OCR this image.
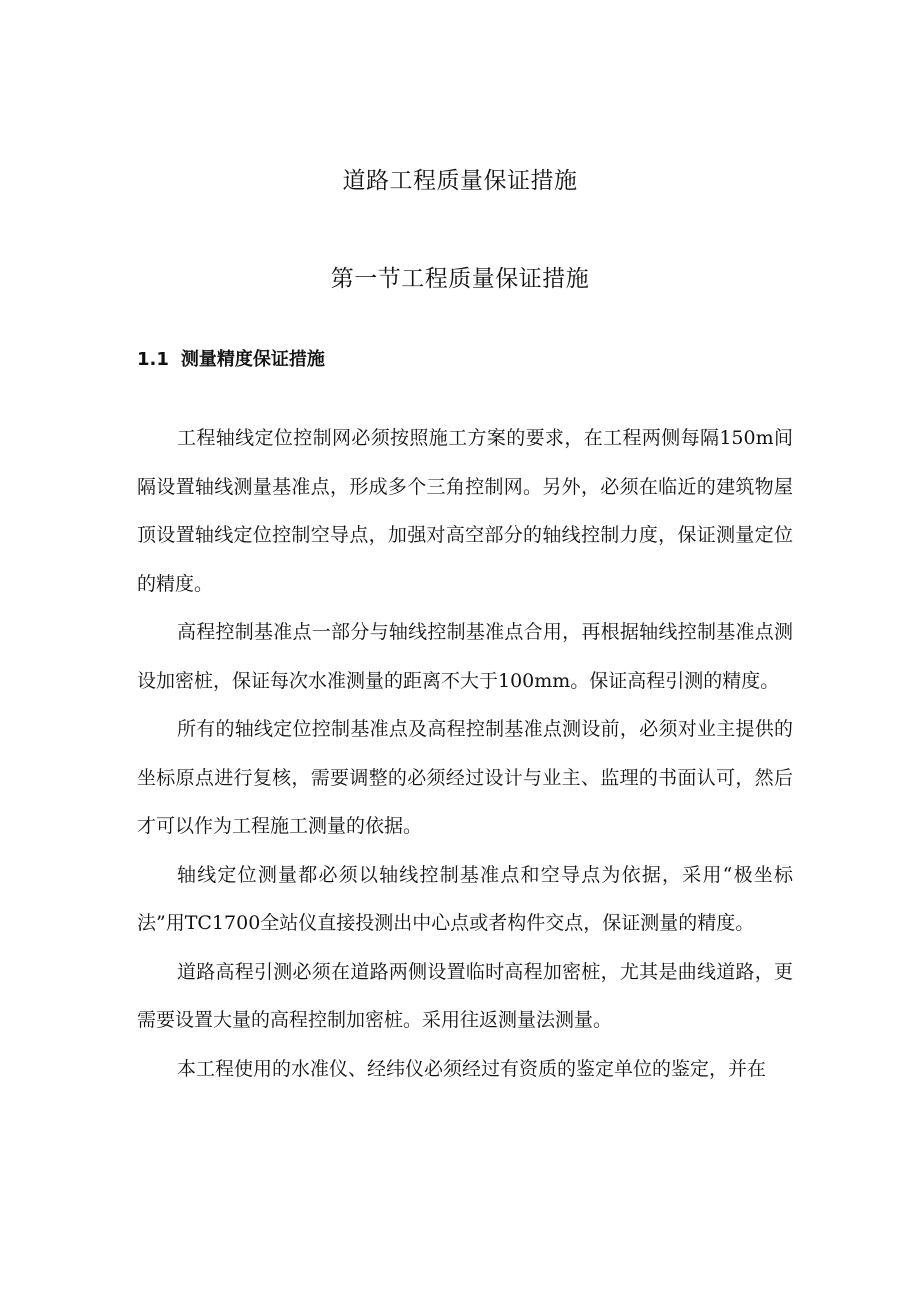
道路工程质量保证措施
第一节工程质量保证措施
1.1 测量精度保证措施

工程轴线定位控制网必须按照施工方案的要求，在工程两侧每隔150m间隔设置轴线测量基准点，形成多个三角控制网。另外，必须在临近的建筑物屋顶设置轴线定位控制空导点，加强对高空部分的轴线控制力度，保证测量定位的精度。

高程控制基准点一部分与轴线控制基准点合用，再根据轴线控制基准点测设加密桩，保证每次水准测量的距离不大于100mm。保证高程引测的精度。

所有的轴线定位控制基准点及高程控制基准点测设前，必须对业主提供的坐标原点进行复核，需要调整的必须经过设计与业主、监理的书面认可，然后才可以作为工程施工测量的依据。

轴线定位测量都必须以轴线控制基准点和空导点为依据，采用“极坐标法”用TC1700全站仪直接投测出中心点或者构件交点，保证测量的精度。

道路高程引测必须在道路两侧设置临时高程加密桩，尤其是曲线道路，更需要设置大量的高程控制加密桩。采用往返测量法测量。

本工程使用的水准仪、经纬仪必须经过有资质的鉴定单位的鉴定，并在
